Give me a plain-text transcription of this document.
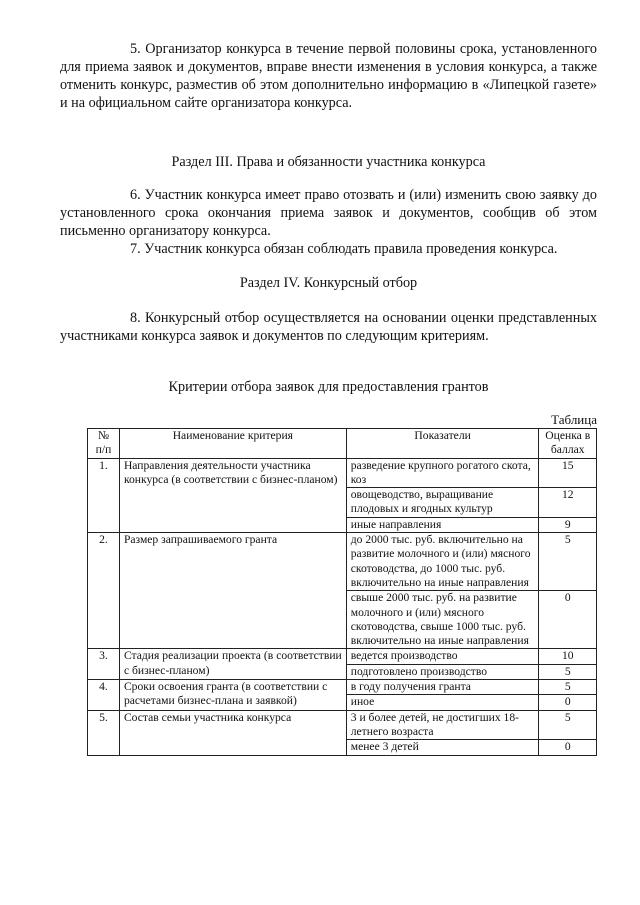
5. Организатор конкурса в течение первой половины срока, установленного для приема заявок и документов, вправе внести изменения в условия конкурса, а также отменить конкурс, разместив об этом дополнительно информацию в «Липецкой газете» и на официальном сайте организатора конкурса.

Раздел III. Права и обязанности участника конкурса

6. Участник конкурса имеет право отозвать и (или) изменить свою заявку до установленного срока окончания приема заявок и документов, сообщив об этом письменно организатору конкурса.

7. Участник конкурса обязан соблюдать правила проведения конкурса.

Раздел IV. Конкурсный отбор

8. Конкурсный отбор осуществляется на основании оценки представленных участниками конкурса заявок и документов по следующим критериям.

Критерии отбора заявок для предоставления грантов

Таблица
№ п/п	Наименование критерия	Показатели	Оценка в баллах
1.	Направления деятельности участника конкурса (в соответствии с бизнес-планом)	разведение крупного рогатого скота, коз	15
		овощеводство, выращивание плодовых и ягодных культур	12
		иные направления	9
2.	Размер запрашиваемого гранта	до 2000 тыс. руб. включительно на развитие молочного и (или) мясного скотоводства, до 1000 тыс. руб. включительно на иные направления	5
		свыше 2000 тыс. руб. на развитие молочного и (или) мясного скотоводства, свыше 1000 тыс. руб. включительно на иные направления	0
3.	Стадия реализации проекта (в соответствии с бизнес-планом)	ведется производство	10
		подготовлено производство	5
4.	Сроки освоения гранта (в соответствии с расчетами бизнес-плана и заявкой)	в году получения гранта	5
		иное	0
5.	Состав семьи участника конкурса	3 и более детей, не достигших 18-летнего возраста	5
		менее 3 детей	0
